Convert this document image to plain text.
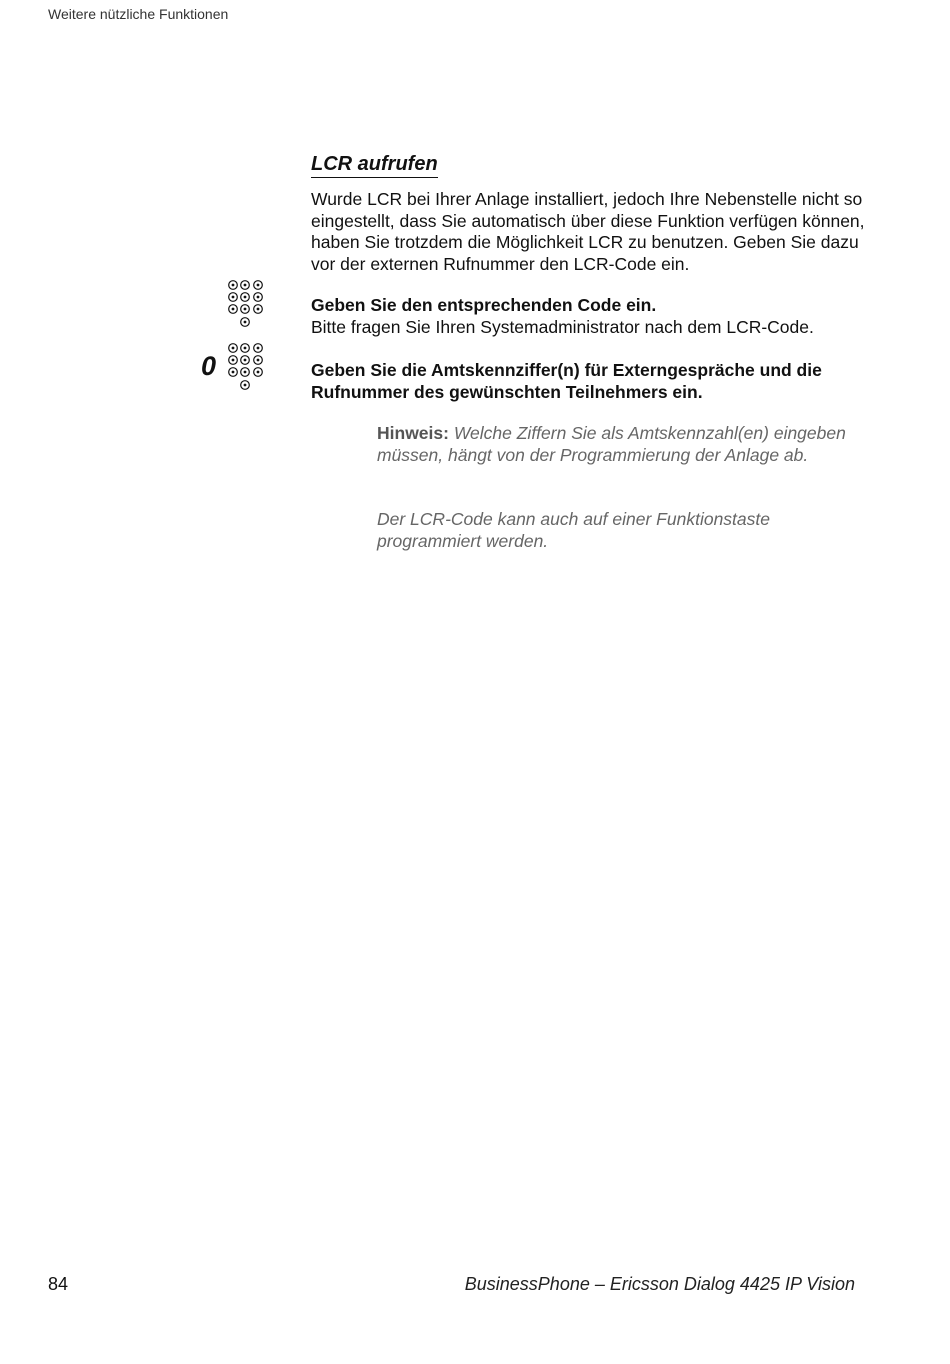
Weitere nützliche Funktionen
LCR aufrufen
Wurde LCR bei Ihrer Anlage installiert, jedoch Ihre Nebenstelle nicht so eingestellt, dass Sie automatisch über diese Funktion verfügen können, haben Sie trotzdem die Möglichkeit LCR zu benutzen. Geben Sie dazu vor der externen Rufnummer den LCR-Code ein.
Geben Sie den entsprechenden Code ein.
Bitte fragen Sie Ihren Systemadministrator nach dem LCR-Code.
0	Geben Sie die Amtskennziffer(n) für Externgespräche und die Rufnummer des gewünschten Teilnehmers ein.
Hinweis: Welche Ziffern Sie als Amtskennzahl(en) eingeben müssen, hängt von der Programmierung der Anlage ab.
Der LCR-Code kann auch auf einer Funktionstaste programmiert werden.
84	BusinessPhone – Ericsson Dialog 4425 IP Vision
